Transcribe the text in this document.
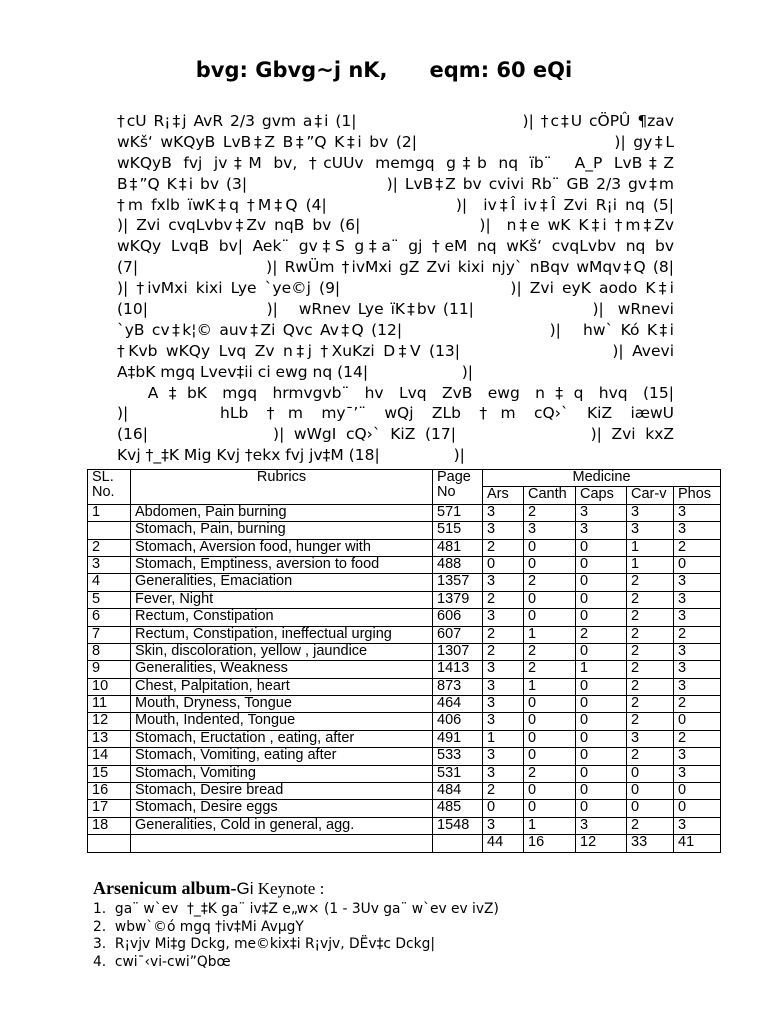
bvg: Gbvg~j nK, eqm: 60 eQi
†cU R¡‡j AvR 2/3 gvm a‡i (1|                        )| †c‡U cÖPÛ ¶zav
wKš‘ wKQyB LvB‡Z B‡”Q K‡i bv (2|                          )| gy‡L
wKQyB fvj jv‡M bv, †cUUv memgq g‡b nq ïb¨  A_P LvB‡Z
B‡”Q K‡i bv (3|                    )| LvB‡Z bv cvivi Rb¨ GB 2/3 gv‡m
†m fxlb ïwK‡q †M‡Q (4|                )|  iv‡Î iv‡Î Zvi R¡i nq (5|
)| Zvi cvqLvbv‡Zv nqB bv (6|               )|  n‡e wK K‡i †m‡Zv
wKQy LvqB bv| Aek¨ gv‡S g‡a¨ gj †eM nq wKš‘ cvqLvbv nq bv
(7|                  )| RwÜm †ivMxi gZ Zvi kixi njy` nBqv wMqv‡Q (8|
)| †ivMxi kixi Lye `ye©j (9|                     )| Zvi eyK aodo K‡i
(10|                 )|   wRnev Lye ïK‡bv (11|                 )|  wRnevi
`yB cv‡k¦© auv‡Zi Qvc Av‡Q (12|                    )|   hw` Kó K‡i
†Kvb wKQy Lvq Zv n‡j †XuKzi D‡V (13|                  )| Avevi
A‡bK mgq Lvev‡ii ci ewg nq (14|                   )|
A‡bK mgq hrmvgvb¨ hv Lvq ZvB ewg n‡q hvq (15|
)|     hLb †m my¯’¨ wQj ZLb †m cQ›` KiZ iæwU
(16|             )| wWgI cQ›` KiZ (17|              )| Zvi kxZ
Kvj †_‡K Mig Kvj †ekx fvj jv‡M (18|               )|
SL.
No.	Rubrics	Page
No	Medicine				
			Ars	Canth	Caps	Car-v	Phos
1	Abdomen, Pain burning	571	3	2	3	3	3
	Stomach, Pain, burning	515	3	3	3	3	3
2	Stomach, Aversion food, hunger with	481	2	0	0	1	2
3	Stomach, Emptiness, aversion to food	488	0	0	0	1	0
4	Generalities, Emaciation	1357	3	2	0	2	3
5	Fever, Night	1379	2	0	0	2	3
6	Rectum, Constipation	606	3	0	0	2	3
7	Rectum, Constipation, ineffectual urging	607	2	1	2	2	2
8	Skin, discoloration, yellow , jaundice	1307	2	2	0	2	3
9	Generalities, Weakness	1413	3	2	1	2	3
10	Chest, Palpitation, heart	873	3	1	0	2	3
11	Mouth, Dryness, Tongue	464	3	0	0	2	2
12	Mouth, Indented, Tongue	406	3	0	0	2	0
13	Stomach, Eructation , eating, after	491	1	0	0	3	2
14	Stomach, Vomiting, eating after	533	3	0	0	2	3
15	Stomach, Vomiting	531	3	2	0	0	3
16	Stomach, Desire bread	484	2	0	0	0	0
17	Stomach, Desire eggs	485	0	0	0	0	0
18	Generalities, Cold in general, agg.	1548	3	1	3	2	3
			44	16	12	33	41
Arsenicum album-Gi Keynote :
1.  ga¨ w`ev  †_‡K ga¨ iv‡Z e„w× (1 - 3Uv ga¨ w`ev ev ivZ)
2.  wbw`©ó mgq †iv‡Mi AvµgY
3.  R¡vjv Mi‡g Dckg, me©kix‡i R¡vjv, DËv‡c Dckg|
4.  cwi¯‹vi-cwi”Qbœ
